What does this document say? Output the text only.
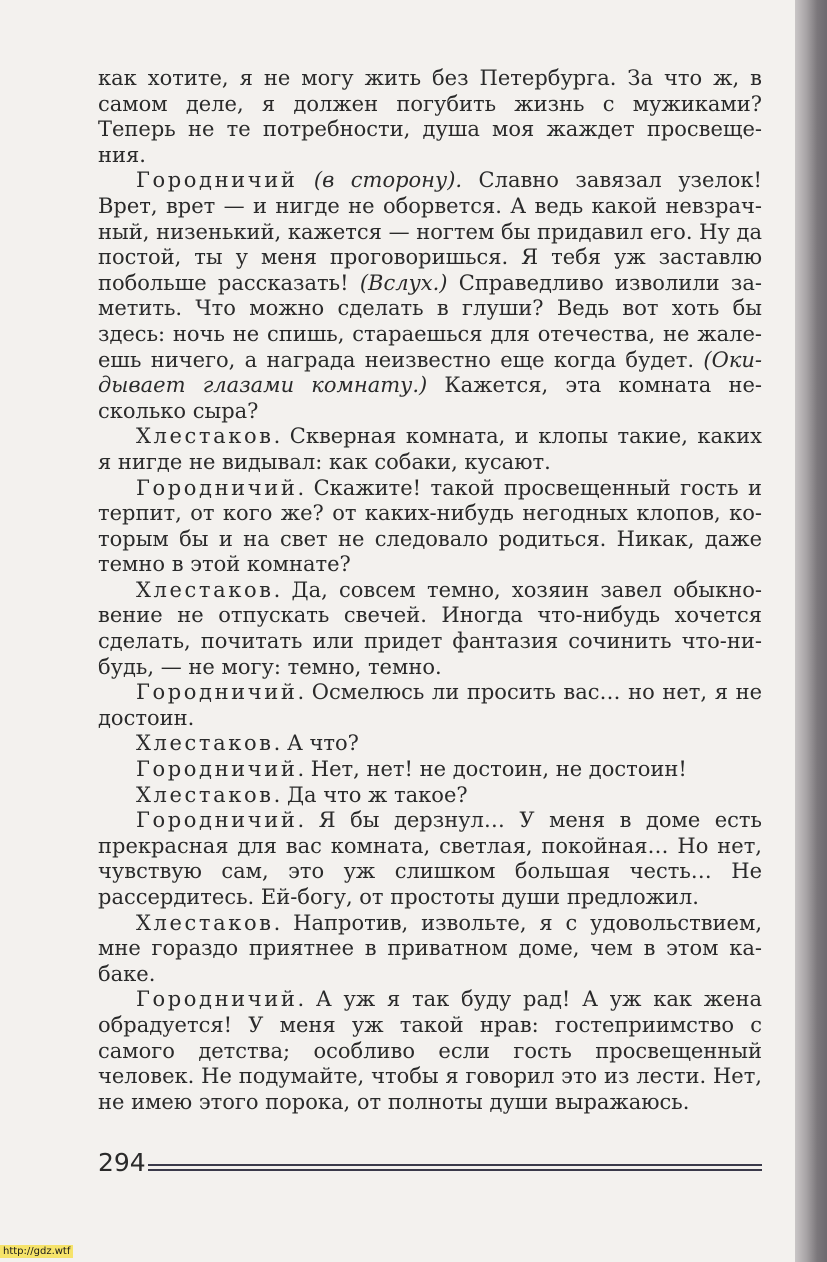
как хотите, я не могу жить без Петербурга. За что ж, в самом деле, я должен погубить жизнь с мужиками? Теперь не те потребности, душа моя жаждет просвещения.

Городничий (в сторону). Славно завязал узелок! Врет, врет — и нигде не оборвется. А ведь какой невзрачный, низенький, кажется — ногтем бы придавил его. Ну да постой, ты у меня проговоришься. Я тебя уж заставлю побольше рассказать! (Вслух.) Справедливо изволили заметить. Что можно сделать в глуши? Ведь вот хоть бы здесь: ночь не спишь, стараешься для отечества, не жалеешь ничего, а награда неизвестно еще когда будет. (Окидывает глазами комнату.) Кажется, эта комната несколько сыра?

Хлестаков. Скверная комната, и клопы такие, каких я нигде не видывал: как собаки, кусают.

Городничий. Скажите! такой просвещенный гость и терпит, от кого же? от каких-нибудь негодных клопов, которым бы и на свет не следовало родиться. Никак, даже темно в этой комнате?

Хлестаков. Да, совсем темно, хозяин завел обыкновение не отпускать свечей. Иногда что-нибудь хочется сделать, почитать или придет фантазия сочинить что-нибудь, — не могу: темно, темно.

Городничий. Осмелюсь ли просить вас… но нет, я не достоин.

Хлестаков. А что?

Городничий. Нет, нет! не достоин, не достоин!

Хлестаков. Да что ж такое?

Городничий. Я бы дерзнул… У меня в доме есть прекрасная для вас комната, светлая, покойная… Но нет, чувствую сам, это уж слишком большая честь… Не рассердитесь. Ей-богу, от простоты души предложил.

Хлестаков. Напротив, извольте, я с удовольствием, мне гораздо приятнее в приватном доме, чем в этом кабаке.

Городничий. А уж я так буду рад! А уж как жена обрадуется! У меня уж такой нрав: гостеприимство с самого детства; особливо если гость просвещенный человек. Не подумайте, чтобы я говорил это из лести. Нет, не имею этого порока, от полноты души выражаюсь.

294
http://gdz.wtf
